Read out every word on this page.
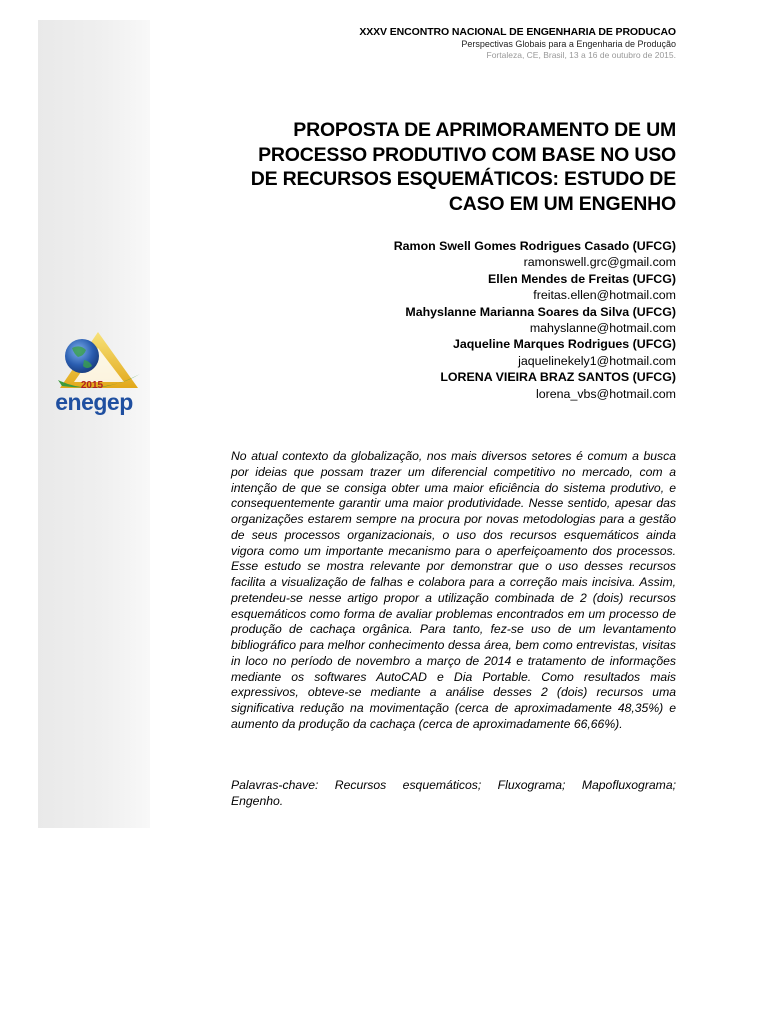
XXXV ENCONTRO NACIONAL DE ENGENHARIA DE PRODUCAO
Perspectivas Globais para a Engenharia de Produção
Fortaleza, CE, Brasil, 13 a 16 de outubro de 2015.
PROPOSTA DE APRIMORAMENTO DE UM
PROCESSO PRODUTIVO COM BASE NO USO
DE RECURSOS ESQUEMÁTICOS: ESTUDO DE
CASO EM UM ENGENHO
Ramon Swell Gomes Rodrigues Casado (UFCG)
ramonswell.grc@gmail.com
Ellen Mendes de Freitas (UFCG)
freitas.ellen@hotmail.com
Mahyslanne Marianna Soares da Silva (UFCG)
mahyslanne@hotmail.com
Jaqueline Marques Rodrigues (UFCG)
jaquelinekely1@hotmail.com
LORENA VIEIRA BRAZ SANTOS (UFCG)
lorena_vbs@hotmail.com
2015
enegep

No atual contexto da globalização, nos mais diversos setores é comum a busca por ideias que possam trazer um diferencial competitivo no mercado, com a intenção de que se consiga obter uma maior eficiência do sistema produtivo, e consequentemente garantir uma maior produtividade. Nesse sentido, apesar das organizações estarem sempre na procura por novas metodologias para a gestão de seus processos organizacionais, o uso dos recursos esquemáticos ainda vigora como um importante mecanismo para o aperfeiçoamento dos processos. Esse estudo se mostra relevante por demonstrar que o uso desses recursos facilita a visualização de falhas e colabora para a correção mais incisiva. Assim, pretendeu-se nesse artigo propor a utilização combinada de 2 (dois) recursos esquemáticos como forma de avaliar problemas encontrados em um processo de produção de cachaça orgânica. Para tanto, fez-se uso de um levantamento bibliográfico para melhor conhecimento dessa área, bem como entrevistas, visitas in loco no período de novembro a março de 2014 e tratamento de informações mediante os softwares AutoCAD e Dia Portable. Como resultados mais expressivos, obteve-se mediante a análise desses 2 (dois) recursos uma significativa redução na movimentação (cerca de aproximadamente 48,35%) e aumento da produção da cachaça (cerca de aproximadamente 66,66%).

Palavras-chave: Recursos esquemáticos; Fluxograma; Mapofluxograma; Engenho.
